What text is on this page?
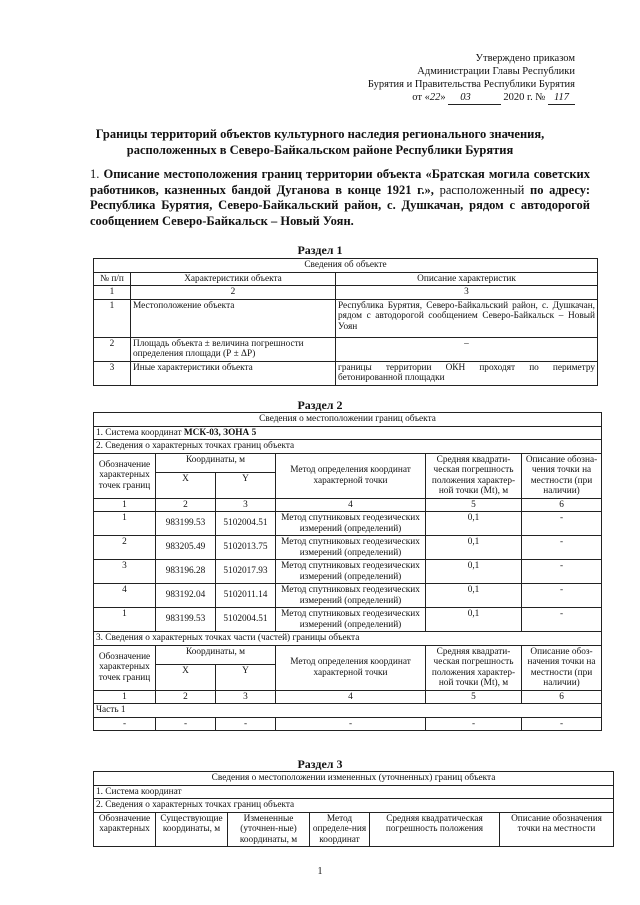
Утверждено приказом
Администрации Главы Республики
Бурятия и Правительства Республики Бурятия
от «22» 03	2020 г. № 117
Границы территорий объектов культурного наследия регионального значения,
расположенных в Северо-Байкальском районе Республики Бурятия
1. Описание местоположения границ территории объекта «Братская могила советских работников, казненных бандой Дуганова в конце 1921 г.», расположенный по адресу: Республика Бурятия, Северо-Байкальский район, с. Душкачан, рядом с автодорогой сообщением Северо-Байкальск – Новый Уоян.
Раздел 1
Сведения об объекте		
№ п/п	Характеристики объекта	Описание характеристик
1	2	3
1	Местоположение объекта	Республика Бурятия, Северо-Байкальский район, с. Душкачан, рядом с автодорогой сообщением Северо-Байкальск – Новый Уоян
2	Площадь объекта ± величина погрешности определения площади (Р ± ΔР)	–
3	Иные характеристики объекта	границы территории ОКН проходят по периметру бетонированной площадки
Раздел 2
Сведения о местоположении границ объекта					
1. Система координат МСК-03, ЗОНА 5					
2. Сведения о характерных точках границ объекта					
Обозначение характерных точек границ	Координаты, м		Метод определения координат характерной точки	Средняя квадрати-ческая погрешность положения характер-ной точки (Мt), м	Описание обозна-чения точки на местности (при наличии)
	X	Y			
1	2	3	4	5	6
1	983199.53	5102004.51	Метод спутниковых геодезических измерений (определений)	0,1	-
2	983205.49	5102013.75	Метод спутниковых геодезических измерений (определений)	0,1	-
3	983196.28	5102017.93	Метод спутниковых геодезических измерений (определений)	0,1	-
4	983192.04	5102011.14	Метод спутниковых геодезических измерений (определений)	0,1	-
1	983199.53	5102004.51	Метод спутниковых геодезических измерений (определений)	0,1	-
3. Сведения о характерных точках части (частей) границы объекта					
Обозначение характерных точек границ	Координаты, м		Метод определения координат характерной точки	Средняя квадрати-ческая погрешность положения характер-ной точки (Мt), м	Описание обоз-начения точки на местности (при наличии)
	X	Y			
1	2	3	4	5	6
Часть 1					
-	-	-	-	-	-
Раздел 3
Сведения о местоположении измененных (уточненных) границ объекта
1. Система координат
2. Сведения о характерных точках границ объекта
Обозначение характерных	Существующие координаты, м	Измененные (уточнен-ные) координаты, м	Метод определе-ния координат	Средняя квадратическая погрешность положения	Описание обозначения точки на местности
1
